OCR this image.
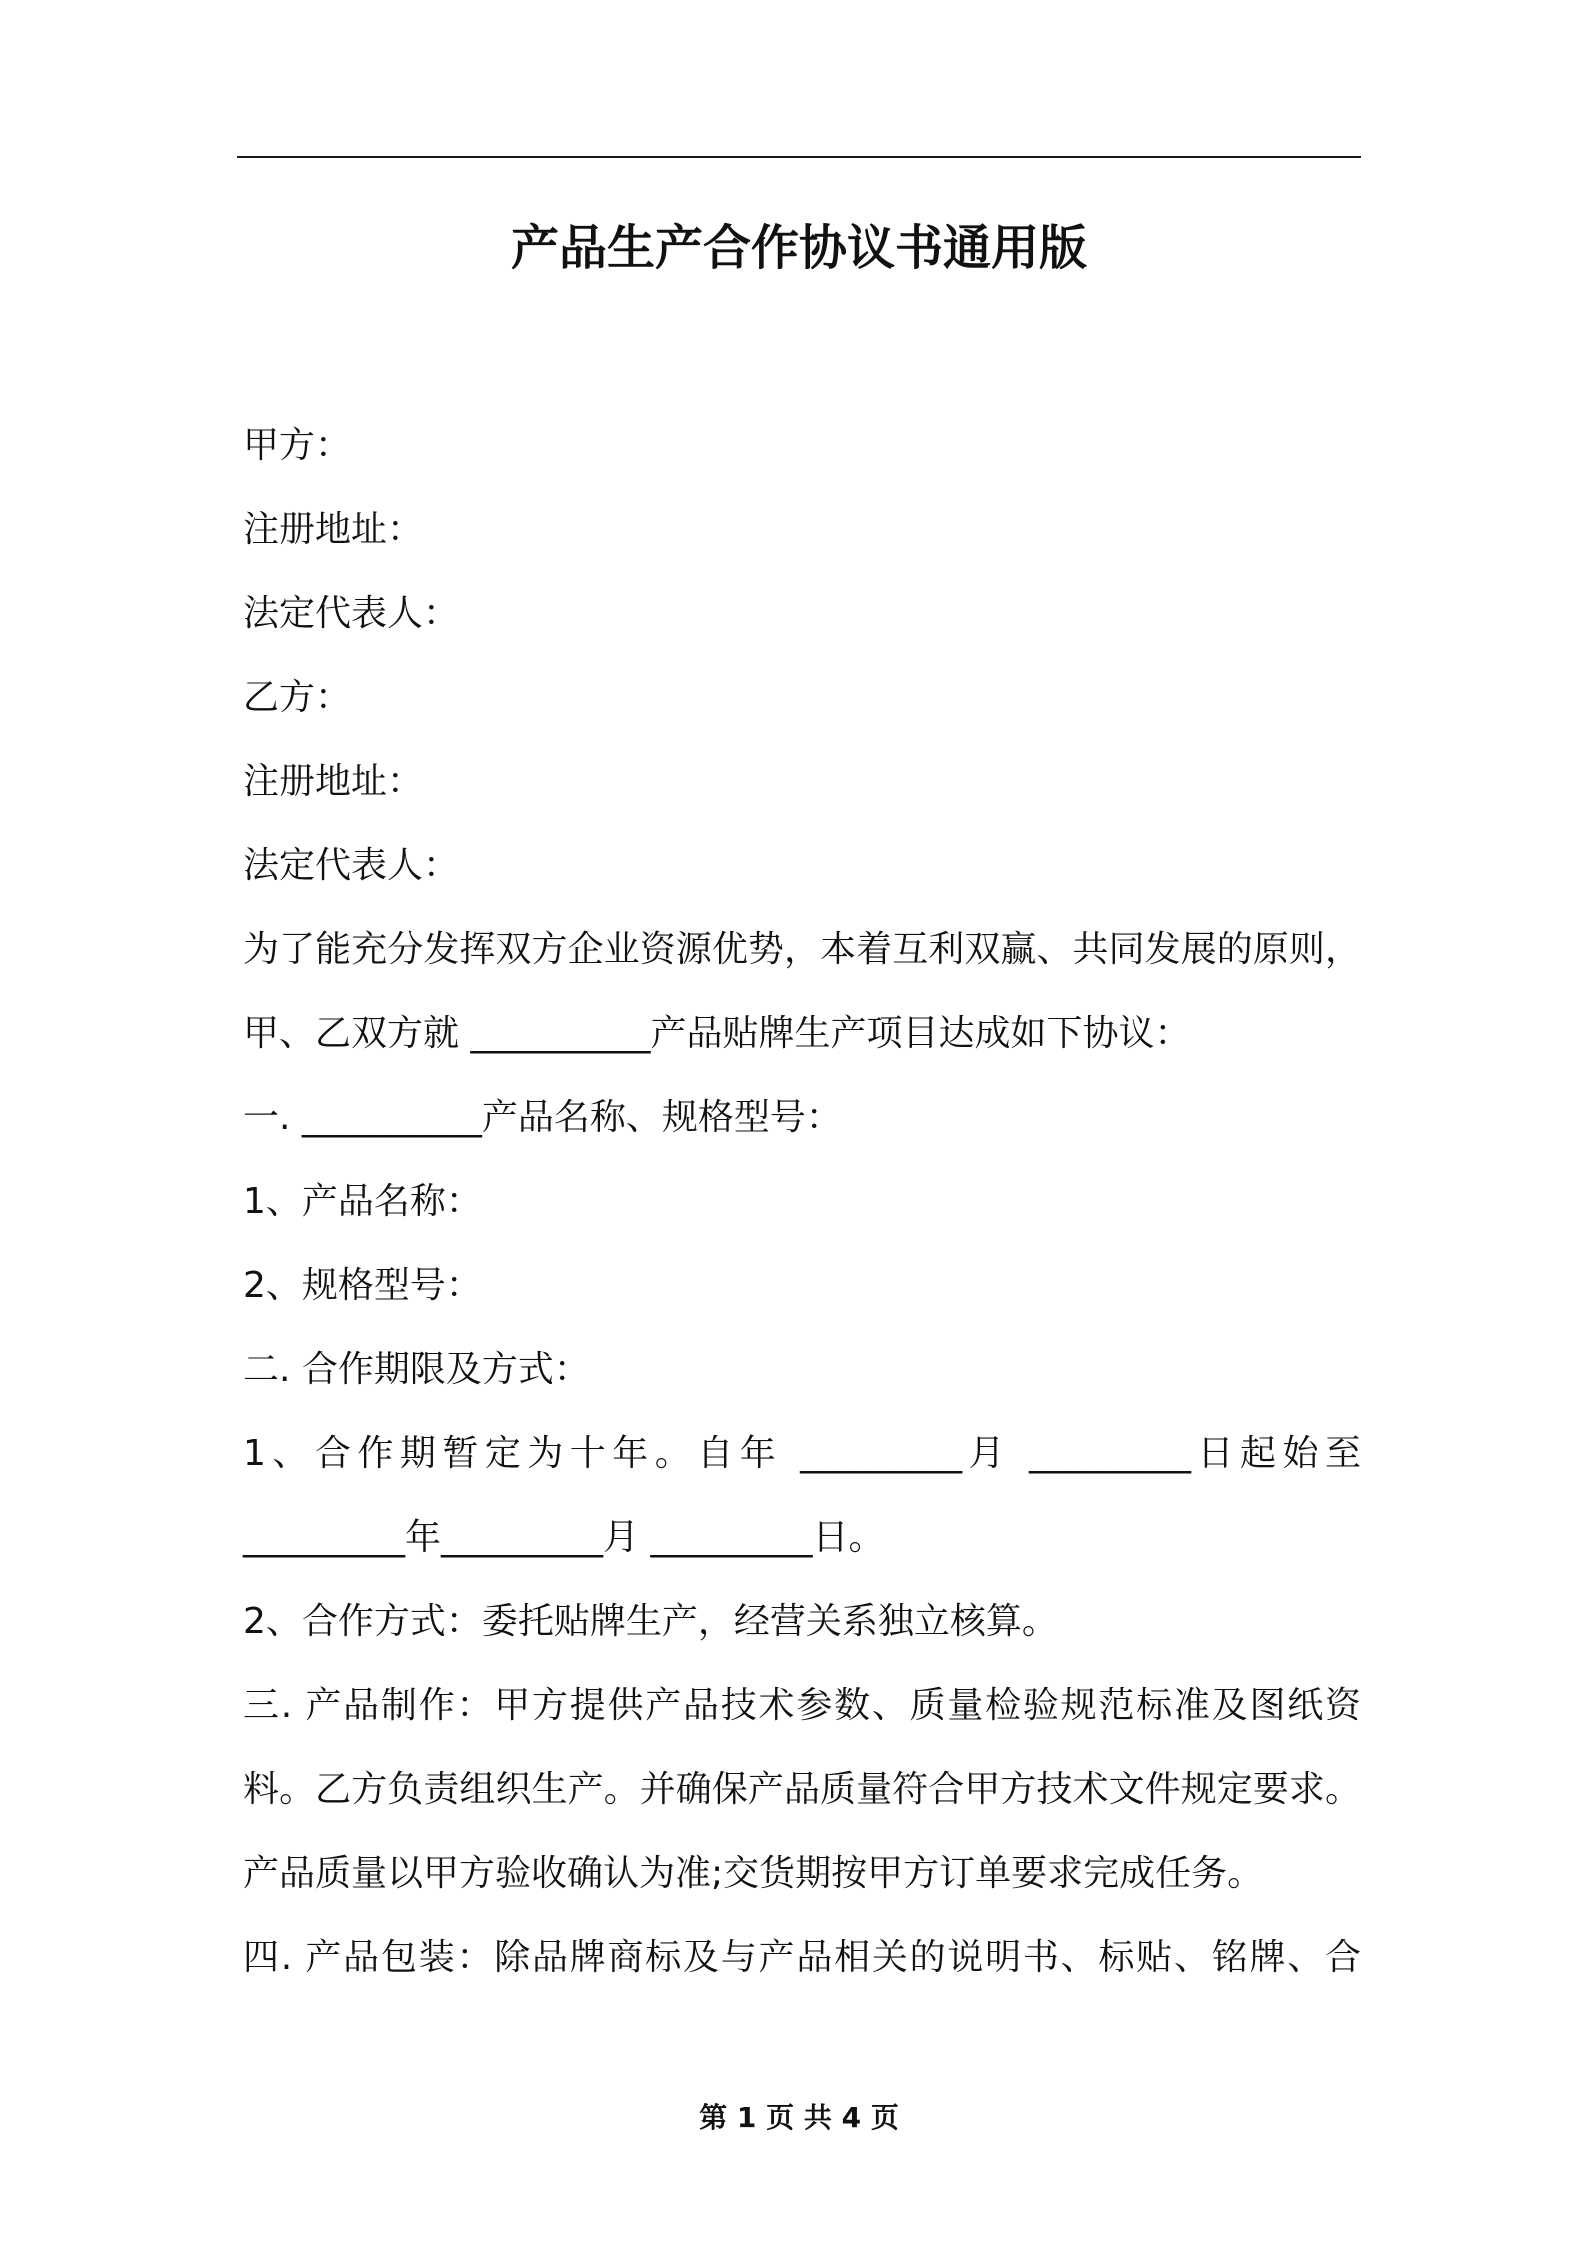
产品生产合作协议书通用版
甲方：
注册地址：
法定代表人：
乙方：
注册地址：
法定代表人：
为了能充分发挥双方企业资源优势，本着互利双赢、共同发展的原则，
甲、乙双方就 __________产品贴牌生产项目达成如下协议：
一. __________产品名称、规格型号：
1、产品名称：
2、规格型号：
二. 合作期限及方式：
1、合作期暂定为十年。自年 _________月 _________日起始至
_________年_________月 _________日。
2、合作方式：委托贴牌生产，经营关系独立核算。
三. 产品制作：甲方提供产品技术参数、质量检验规范标准及图纸资
料。乙方负责组织生产。并确保产品质量符合甲方技术文件规定要求。
产品质量以甲方验收确认为准;交货期按甲方订单要求完成任务。
四. 产品包装：除品牌商标及与产品相关的说明书、标贴、铭牌、合
第 1 页 共 4 页
